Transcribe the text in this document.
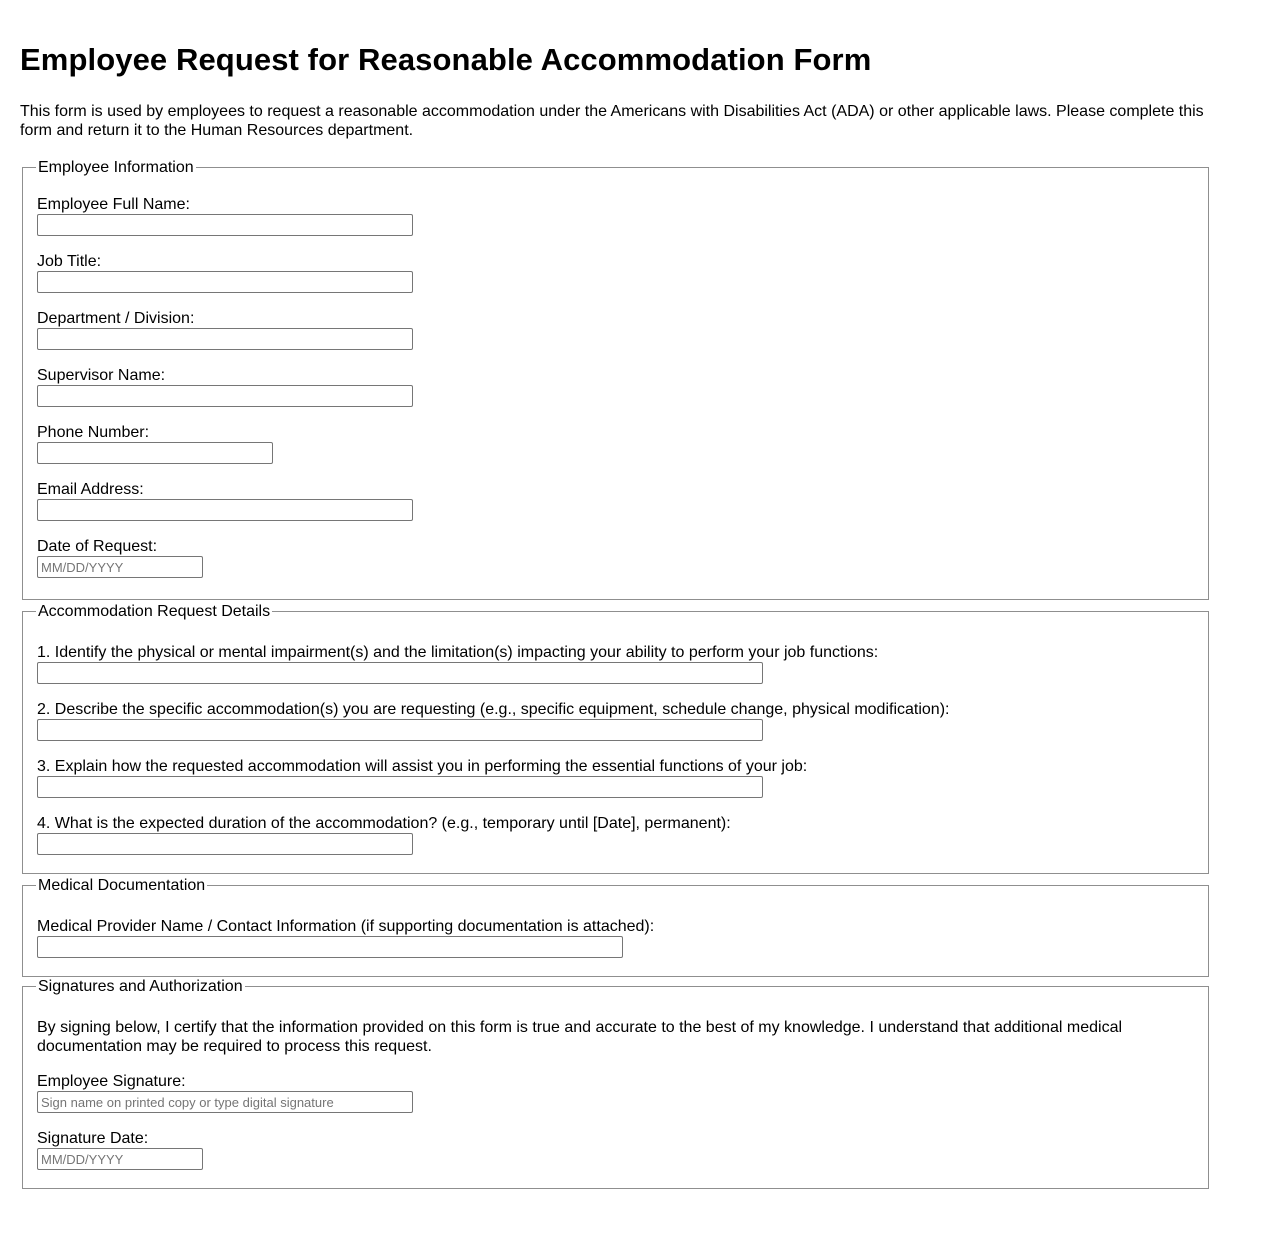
Employee Request for Reasonable Accommodation Form

This form is used by employees to request a reasonable accommodation under the Americans with Disabilities Act (ADA) or other applicable laws. Please complete this form and return it to the Human Resources department.

Employee Information
Employee Full Name:
Job Title:
Department / Division:
Supervisor Name:
Phone Number:
Email Address:
Date of Request:
MM/DD/YYYY
Accommodation Request Details
1. Identify the physical or mental impairment(s) and the limitation(s) impacting your ability to perform your job functions:
2. Describe the specific accommodation(s) you are requesting (e.g., specific equipment, schedule change, physical modification):
3. Explain how the requested accommodation will assist you in performing the essential functions of your job:
4. What is the expected duration of the accommodation? (e.g., temporary until [Date], permanent):
Medical Documentation
Medical Provider Name / Contact Information (if supporting documentation is attached):
Signatures and Authorization

By signing below, I certify that the information provided on this form is true and accurate to the best of my knowledge. I understand that additional medical documentation may be required to process this request.

Employee Signature:
Sign name on printed copy or type digital signature
Signature Date:
MM/DD/YYYY
